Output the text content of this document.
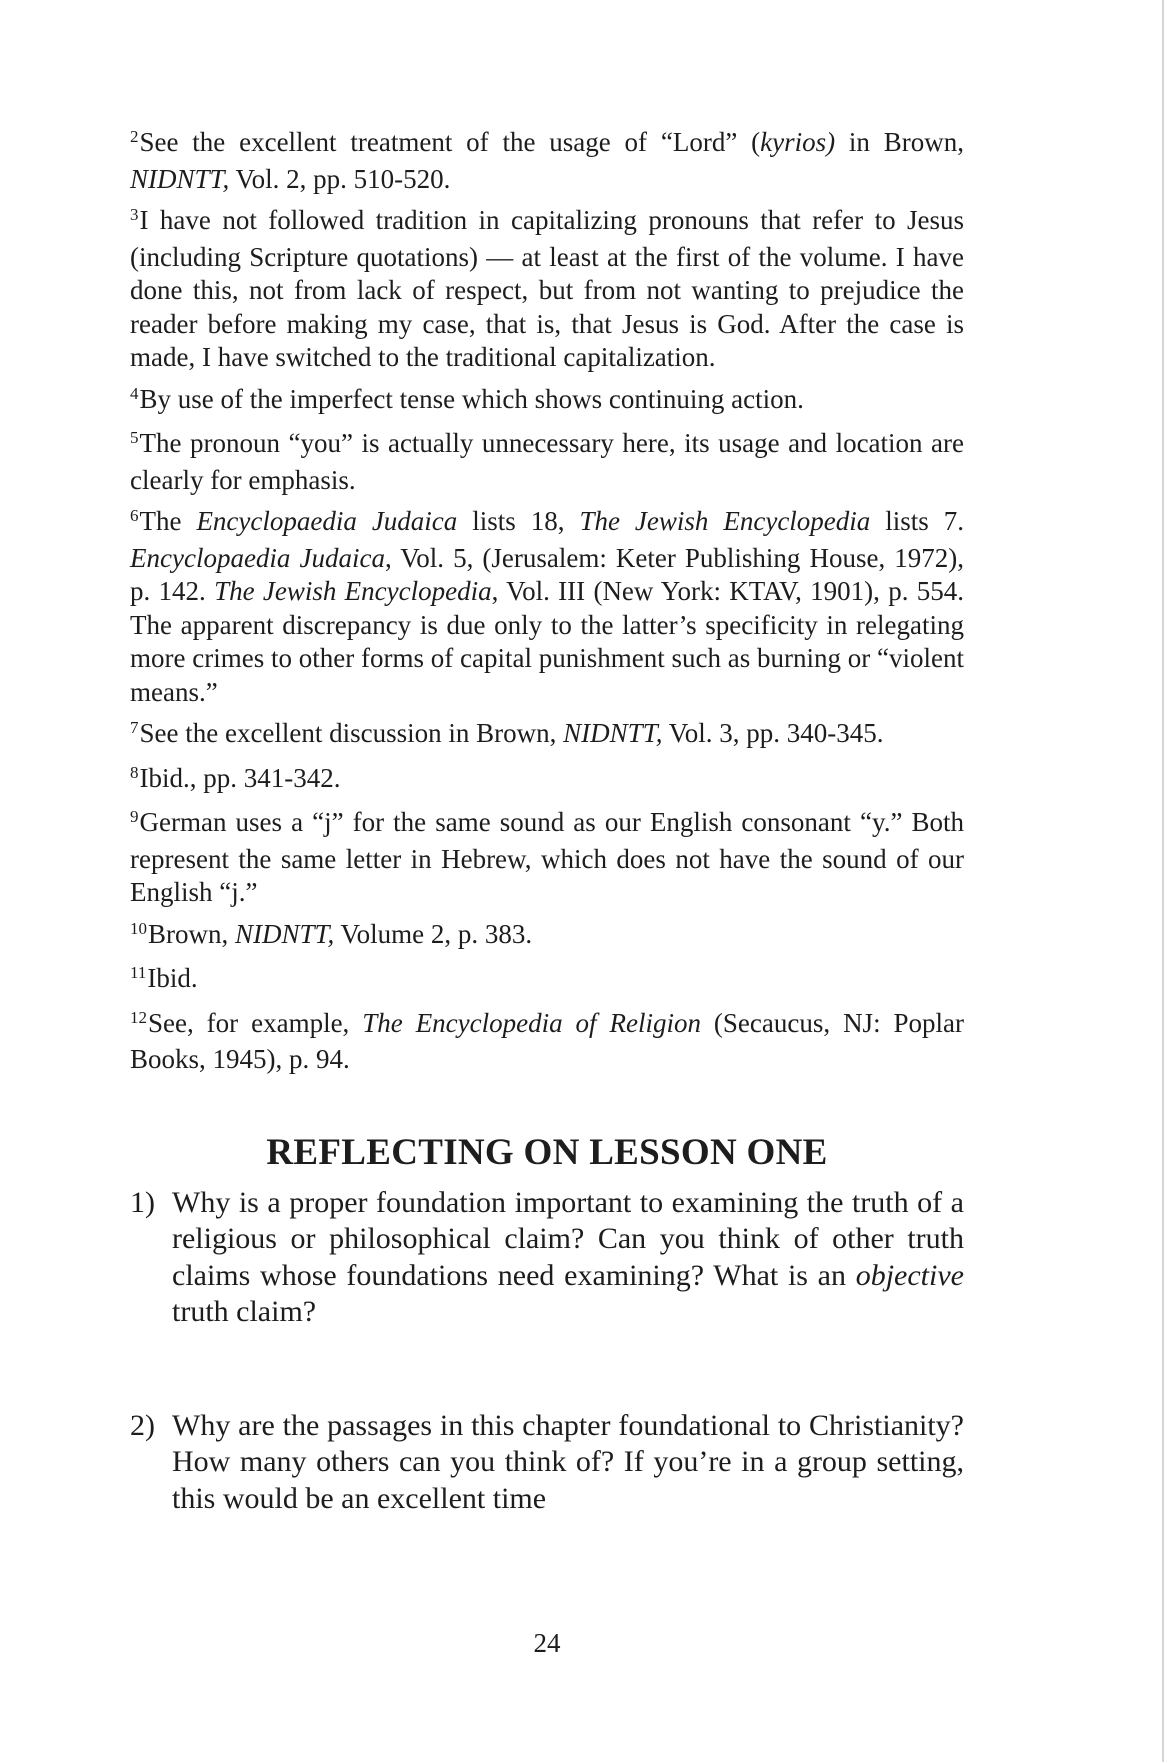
$^2$See the excellent treatment of the usage of “Lord” (kyrios) in Brown, NIDNTT, Vol. 2, pp. 510-520.

$^3$I have not followed tradition in capitalizing pronouns that refer to Jesus (including Scripture quotations) — at least at the first of the volume. I have done this, not from lack of respect, but from not wanting to prejudice the reader before making my case, that is, that Jesus is God. After the case is made, I have switched to the traditional capitalization.

$^4$By use of the imperfect tense which shows continuing action.

$^5$The pronoun “you” is actually unnecessary here, its usage and location are clearly for emphasis.

$^6$The Encyclopaedia Judaica lists 18, The Jewish Encyclopedia lists 7. Encyclopaedia Judaica, Vol. 5, (Jerusalem: Keter Publishing House, 1972), p. 142. The Jewish Encyclopedia, Vol. III (New York: KTAV, 1901), p. 554. The apparent discrepancy is due only to the latter’s specificity in relegating more crimes to other forms of capital punishment such as burning or “violent means.”

$^7$See the excellent discussion in Brown, NIDNTT, Vol. 3, pp. 340-345.

$^8$Ibid., pp. 341-342.

$^9$German uses a “j” for the same sound as our English consonant “y.” Both represent the same letter in Hebrew, which does not have the sound of our English “j.”

$^{10}$Brown, NIDNTT, Volume 2, p. 383.

$^{11}$Ibid.

$^{12}$See, for example, The Encyclopedia of Religion (Secaucus, NJ: Poplar Books, 1945), p. 94.

REFLECTING ON LESSON ONE
1) Why is a proper foundation important to examining the truth of a religious or philosophical claim? Can you think of other truth claims whose foundations need examining? What is an objective truth claim?
2) Why are the passages in this chapter foundational to Christianity? How many others can you think of? If you’re in a group setting, this would be an excellent time
24
